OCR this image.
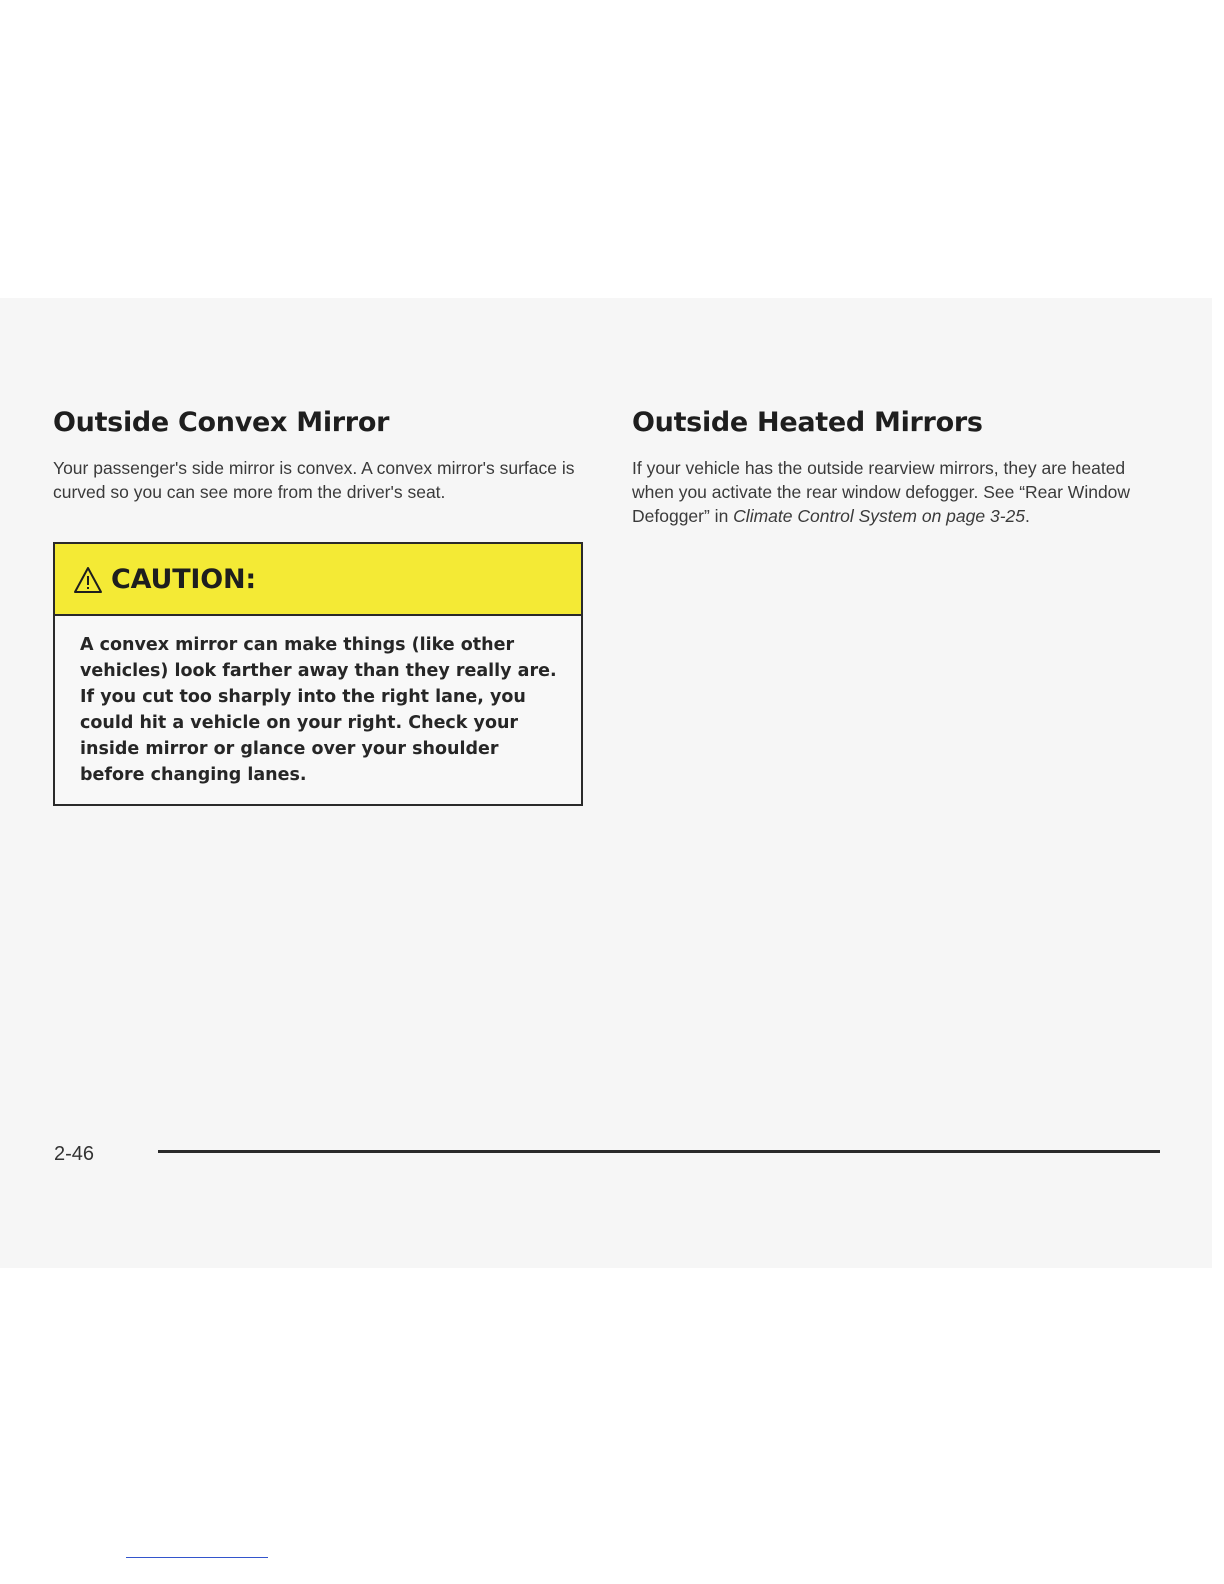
Outside Convex Mirror

Your passenger's side mirror is convex. A convex mirror's surface is curved so you can see more from the driver's seat.

CAUTION:
A convex mirror can make things (like other vehicles) look farther away than they really are. If you cut too sharply into the right lane, you could hit a vehicle on your right. Check your inside mirror or glance over your shoulder before changing lanes.
Outside Heated Mirrors

If your vehicle has the outside rearview mirrors, they are heated when you activate the rear window defogger. See “Rear Window Defogger” in Climate Control System on page 3-25.

2-46
